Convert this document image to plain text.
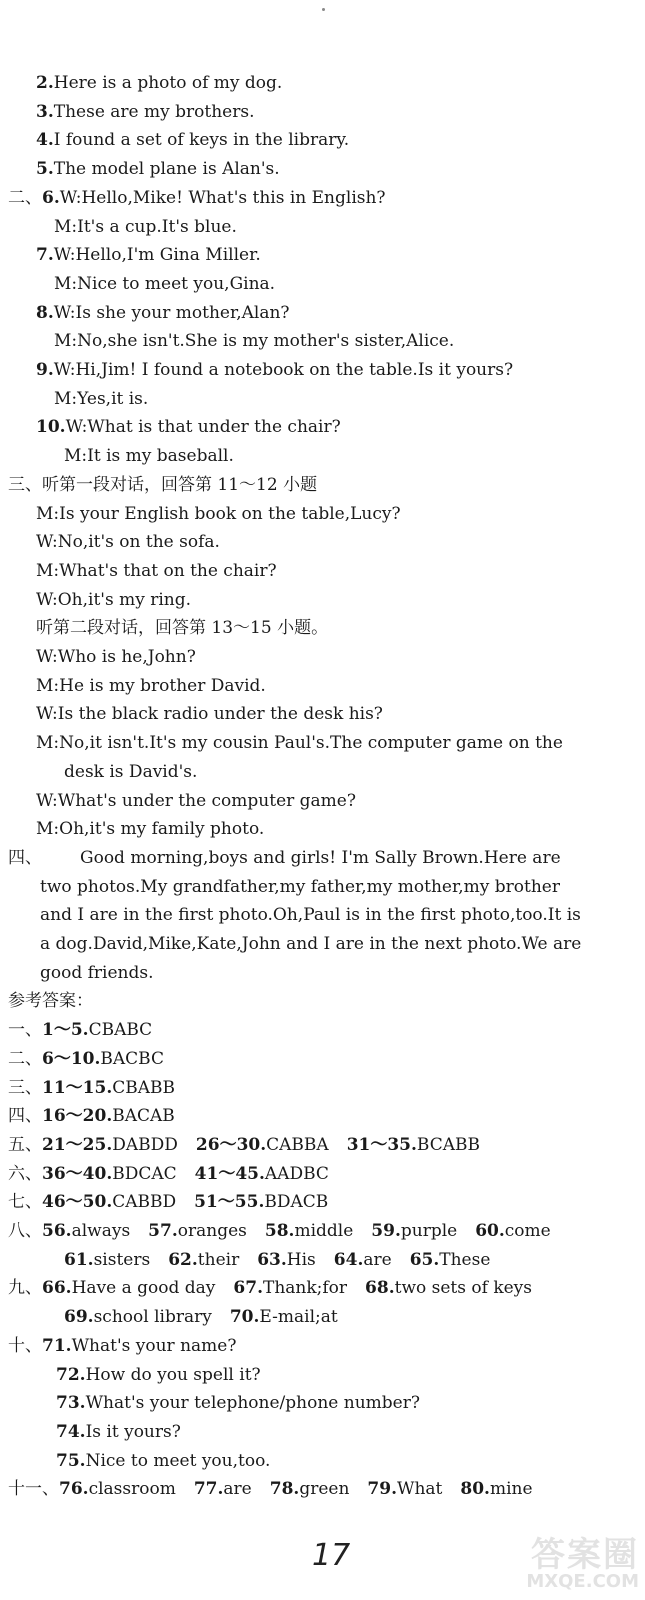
2.Here is a photo of my dog.
3.These are my brothers.
4.I found a set of keys in the library.
5.The model plane is Alan's.
二、6.W:Hello,Mike! What's this in English?
M:It's a cup.It's blue.
7.W:Hello,I'm Gina Miller.
M:Nice to meet you,Gina.
8.W:Is she your mother,Alan?
M:No,she isn't.She is my mother's sister,Alice.
9.W:Hi,Jim! I found a notebook on the table.Is it yours?
M:Yes,it is.
10.W:What is that under the chair?
M:It is my baseball.
三、听第一段对话，回答第 11～12 小题
M:Is your English book on the table,Lucy?
W:No,it's on the sofa.
M:What's that on the chair?
W:Oh,it's my ring.
听第二段对话，回答第 13～15 小题。
W:Who is he,John?
M:He is my brother David.
W:Is the black radio under the desk his?
M:No,it isn't.It's my cousin Paul's.The computer game on the
desk is David's.
W:What's under the computer game?
M:Oh,it's my family photo.
四、 Good morning,boys and girls! I'm Sally Brown.Here are
two photos.My grandfather,my father,my mother,my brother
and I are in the first photo.Oh,Paul is in the first photo,too.It is
a dog.David,Mike,Kate,John and I are in the next photo.We are
good friends.
参考答案：
一、1～5.CBABC
二、6～10.BACBC
三、11～15.CBABB
四、16～20.BACAB
五、21～25.DABDD 26～30.CABBA 31～35.BCABB
六、36～40.BDCAC 41～45.AADBC
七、46～50.CABBD 51～55.BDACB
八、56.always 57.oranges 58.middle 59.purple 60.come
61.sisters 62.their 63.His 64.are 65.These
九、66.Have a good day 67.Thank;for 68.two sets of keys
69.school library 70.E-mail;at
十、71.What's your name?
72.How do you spell it?
73.What's your telephone/phone number?
74.Is it yours?
75.Nice to meet you,too.
十一、76.classroom 77.are 78.green 79.What 80.mine
17	答案圈
MXQE.COM
